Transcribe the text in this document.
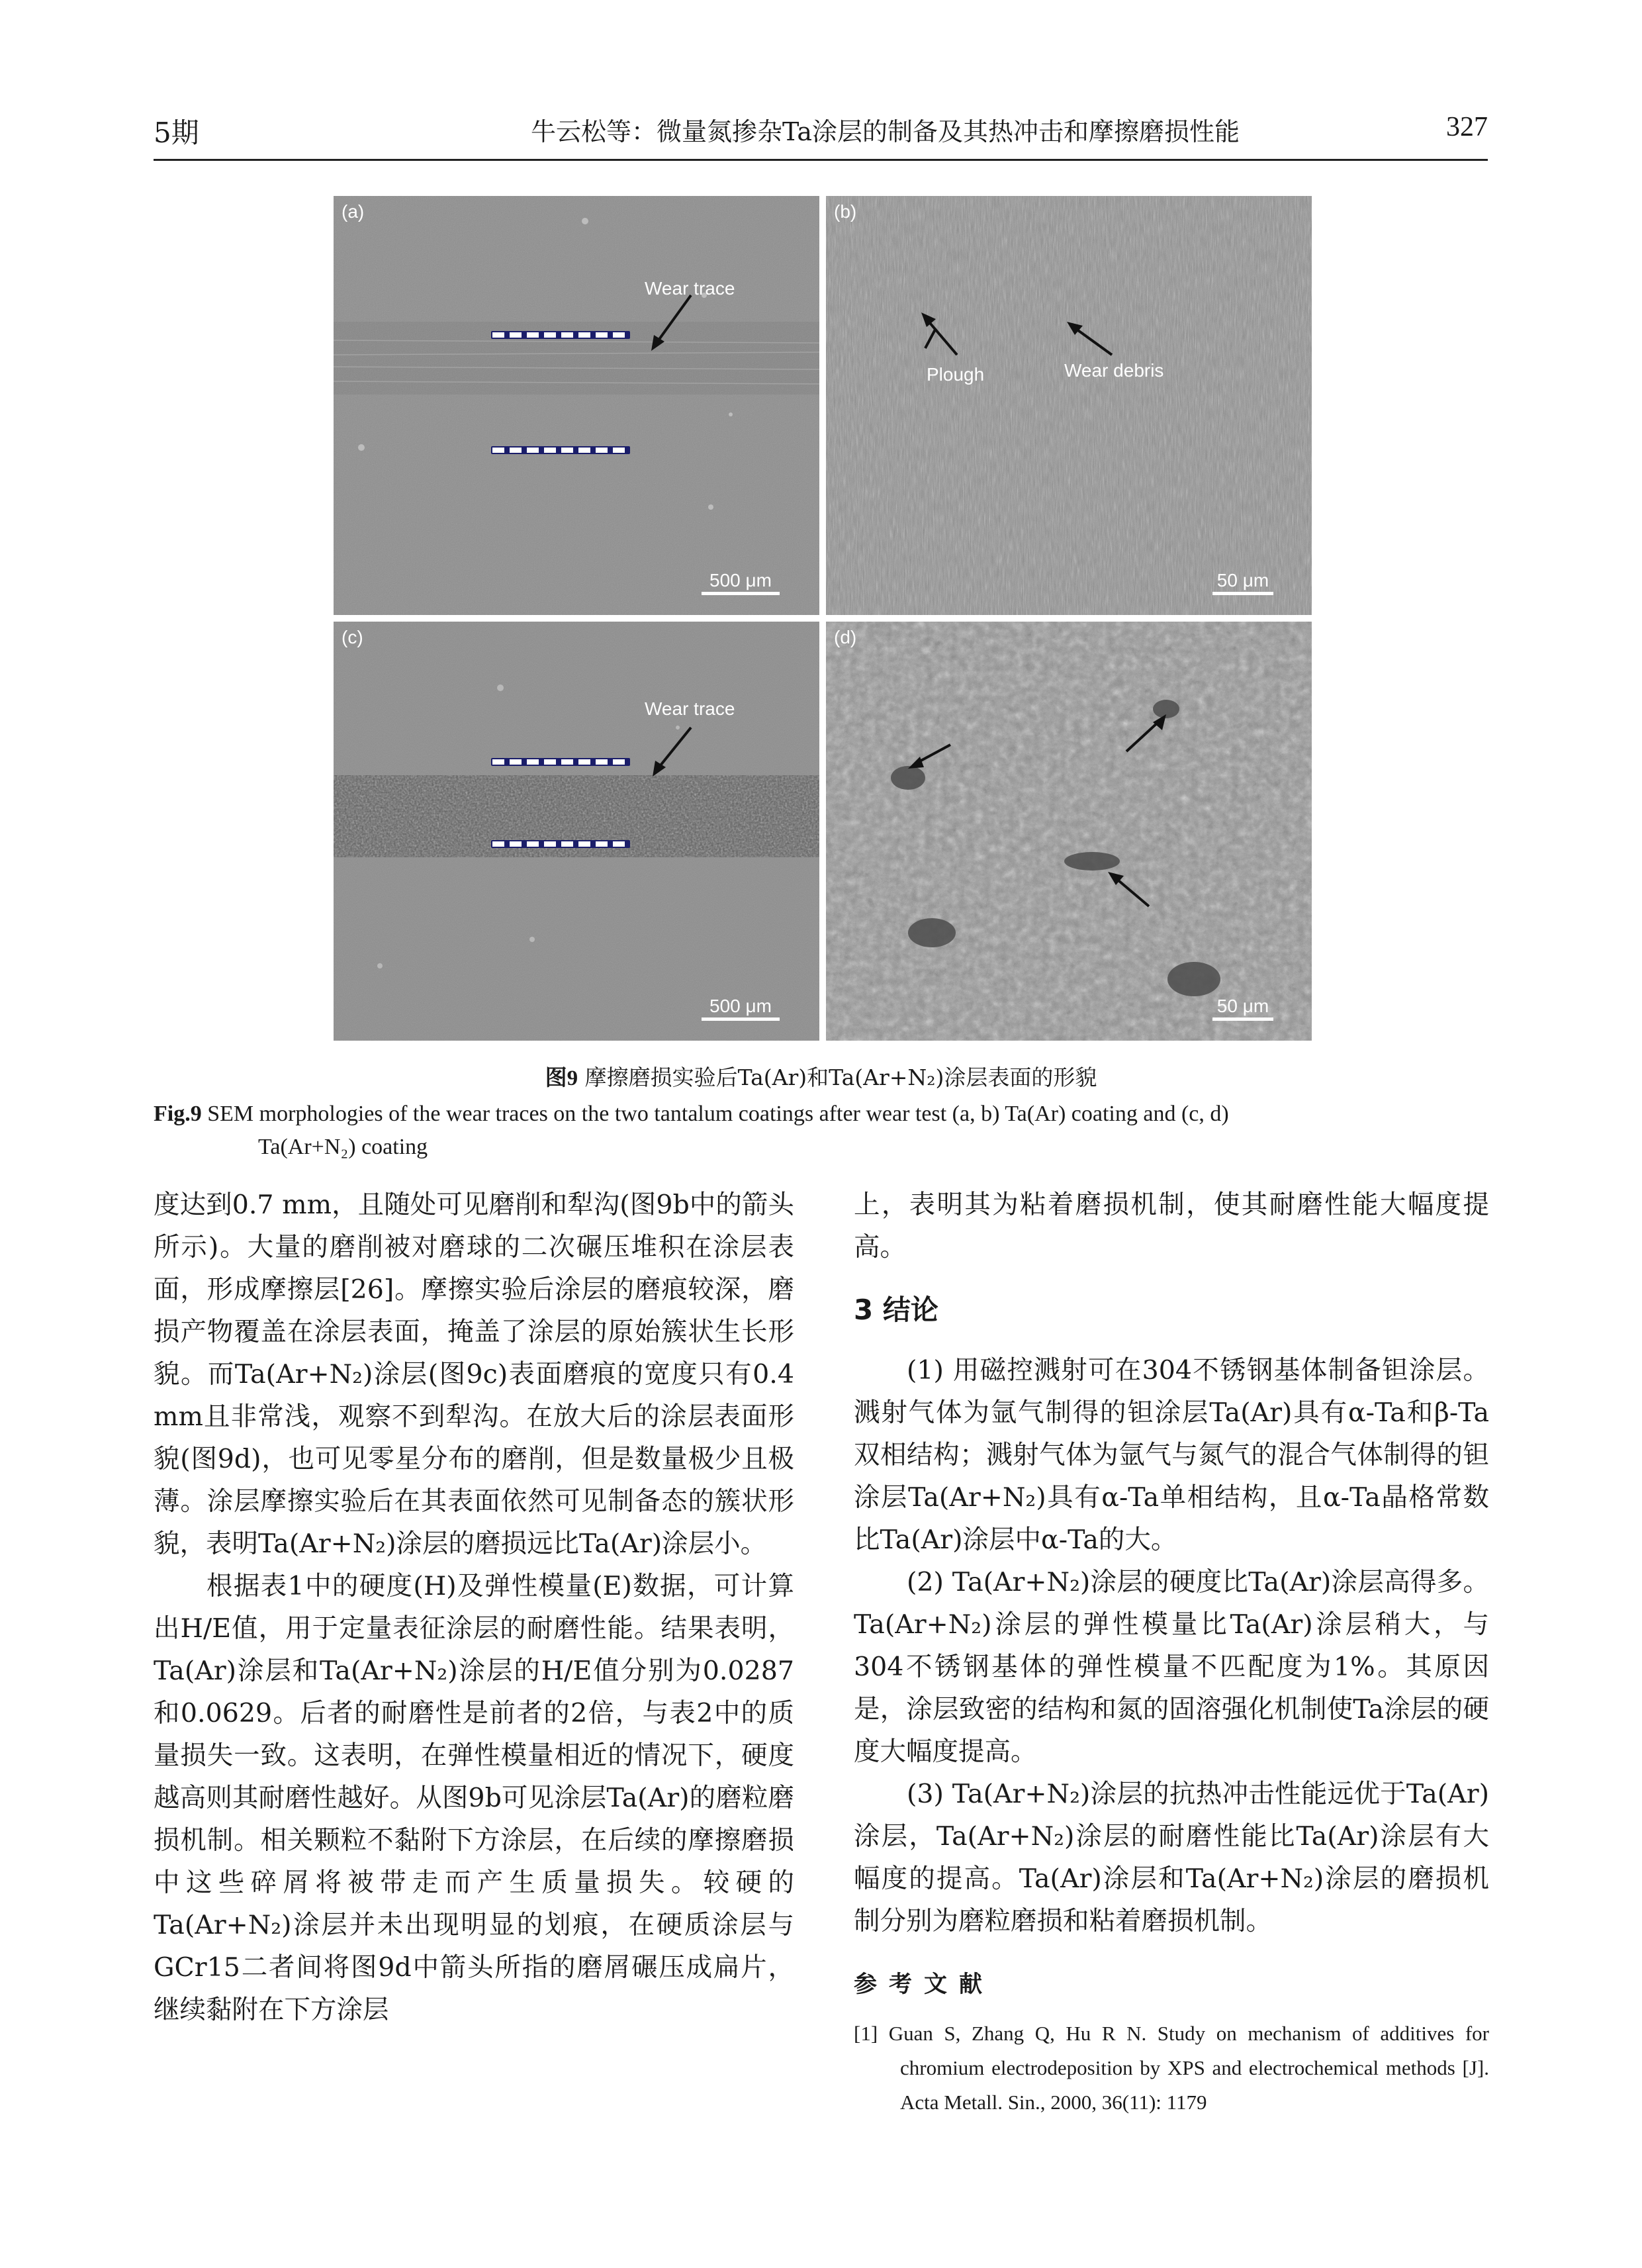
5期	牛云松等：微量氮掺杂Ta涂层的制备及其热冲击和摩擦磨损性能	327
(a)
Wear trace
500 μm
(b)
Plough	Wear debris
50 μm
(c)
Wear trace
500 μm
(d)
50 μm
图9 摩擦磨损实验后Ta(Ar)和Ta(Ar+N₂)涂层表面的形貌
Fig.9 SEM morphologies of the wear traces on the two tantalum coatings after wear test (a, b) Ta(Ar) coating and (c, d)
Ta(Ar+N₂) coating

度达到0.7 mm，且随处可见磨削和犁沟(图9b中的箭头所示)。大量的磨削被对磨球的二次碾压堆积在涂层表面，形成摩擦层[26]。摩擦实验后涂层的磨痕较深，磨损产物覆盖在涂层表面，掩盖了涂层的原始簇状生长形貌。而Ta(Ar+N₂)涂层(图9c)表面磨痕的宽度只有0.4 mm且非常浅，观察不到犁沟。在放大后的涂层表面形貌(图9d)，也可见零星分布的磨削，但是数量极少且极薄。涂层摩擦实验后在其表面依然可见制备态的簇状形貌，表明Ta(Ar+N₂)涂层的磨损远比Ta(Ar)涂层小。

根据表1中的硬度(H)及弹性模量(E)数据，可计算出H/E值，用于定量表征涂层的耐磨性能。结果表明，Ta(Ar)涂层和Ta(Ar+N₂)涂层的H/E值分别为0.0287和0.0629。后者的耐磨性是前者的2倍，与表2中的质量损失一致。这表明，在弹性模量相近的情况下，硬度越高则其耐磨性越好。从图9b可见涂层Ta(Ar)的磨粒磨损机制。相关颗粒不黏附下方涂层，在后续的摩擦磨损中这些碎屑将被带走而产生质量损失。较硬的Ta(Ar+N₂)涂层并未出现明显的划痕，在硬质涂层与GCr15二者间将图9d中箭头所指的磨屑碾压成扁片，继续黏附在下方涂层

上，表明其为粘着磨损机制，使其耐磨性能大幅度提高。

3 结论

(1) 用磁控溅射可在304不锈钢基体制备钽涂层。溅射气体为氩气制得的钽涂层Ta(Ar)具有α-Ta和β-Ta双相结构；溅射气体为氩气与氮气的混合气体制得的钽涂层Ta(Ar+N₂)具有α-Ta单相结构，且α-Ta晶格常数比Ta(Ar)涂层中α-Ta的大。

(2) Ta(Ar+N₂)涂层的硬度比Ta(Ar)涂层高得多。Ta(Ar+N₂)涂层的弹性模量比Ta(Ar)涂层稍大，与304不锈钢基体的弹性模量不匹配度为1%。其原因是，涂层致密的结构和氮的固溶强化机制使Ta涂层的硬度大幅度提高。

(3) Ta(Ar+N₂)涂层的抗热冲击性能远优于Ta(Ar)涂层，Ta(Ar+N₂)涂层的耐磨性能比Ta(Ar)涂层有大幅度的提高。Ta(Ar)涂层和Ta(Ar+N₂)涂层的磨损机制分别为磨粒磨损和粘着磨损机制。

参考文献

[1] Guan S, Zhang Q, Hu R N. Study on mechanism of additives for chromium electrodeposition by XPS and electrochemical methods [J]. Acta Metall. Sin., 2000, 36(11): 1179
